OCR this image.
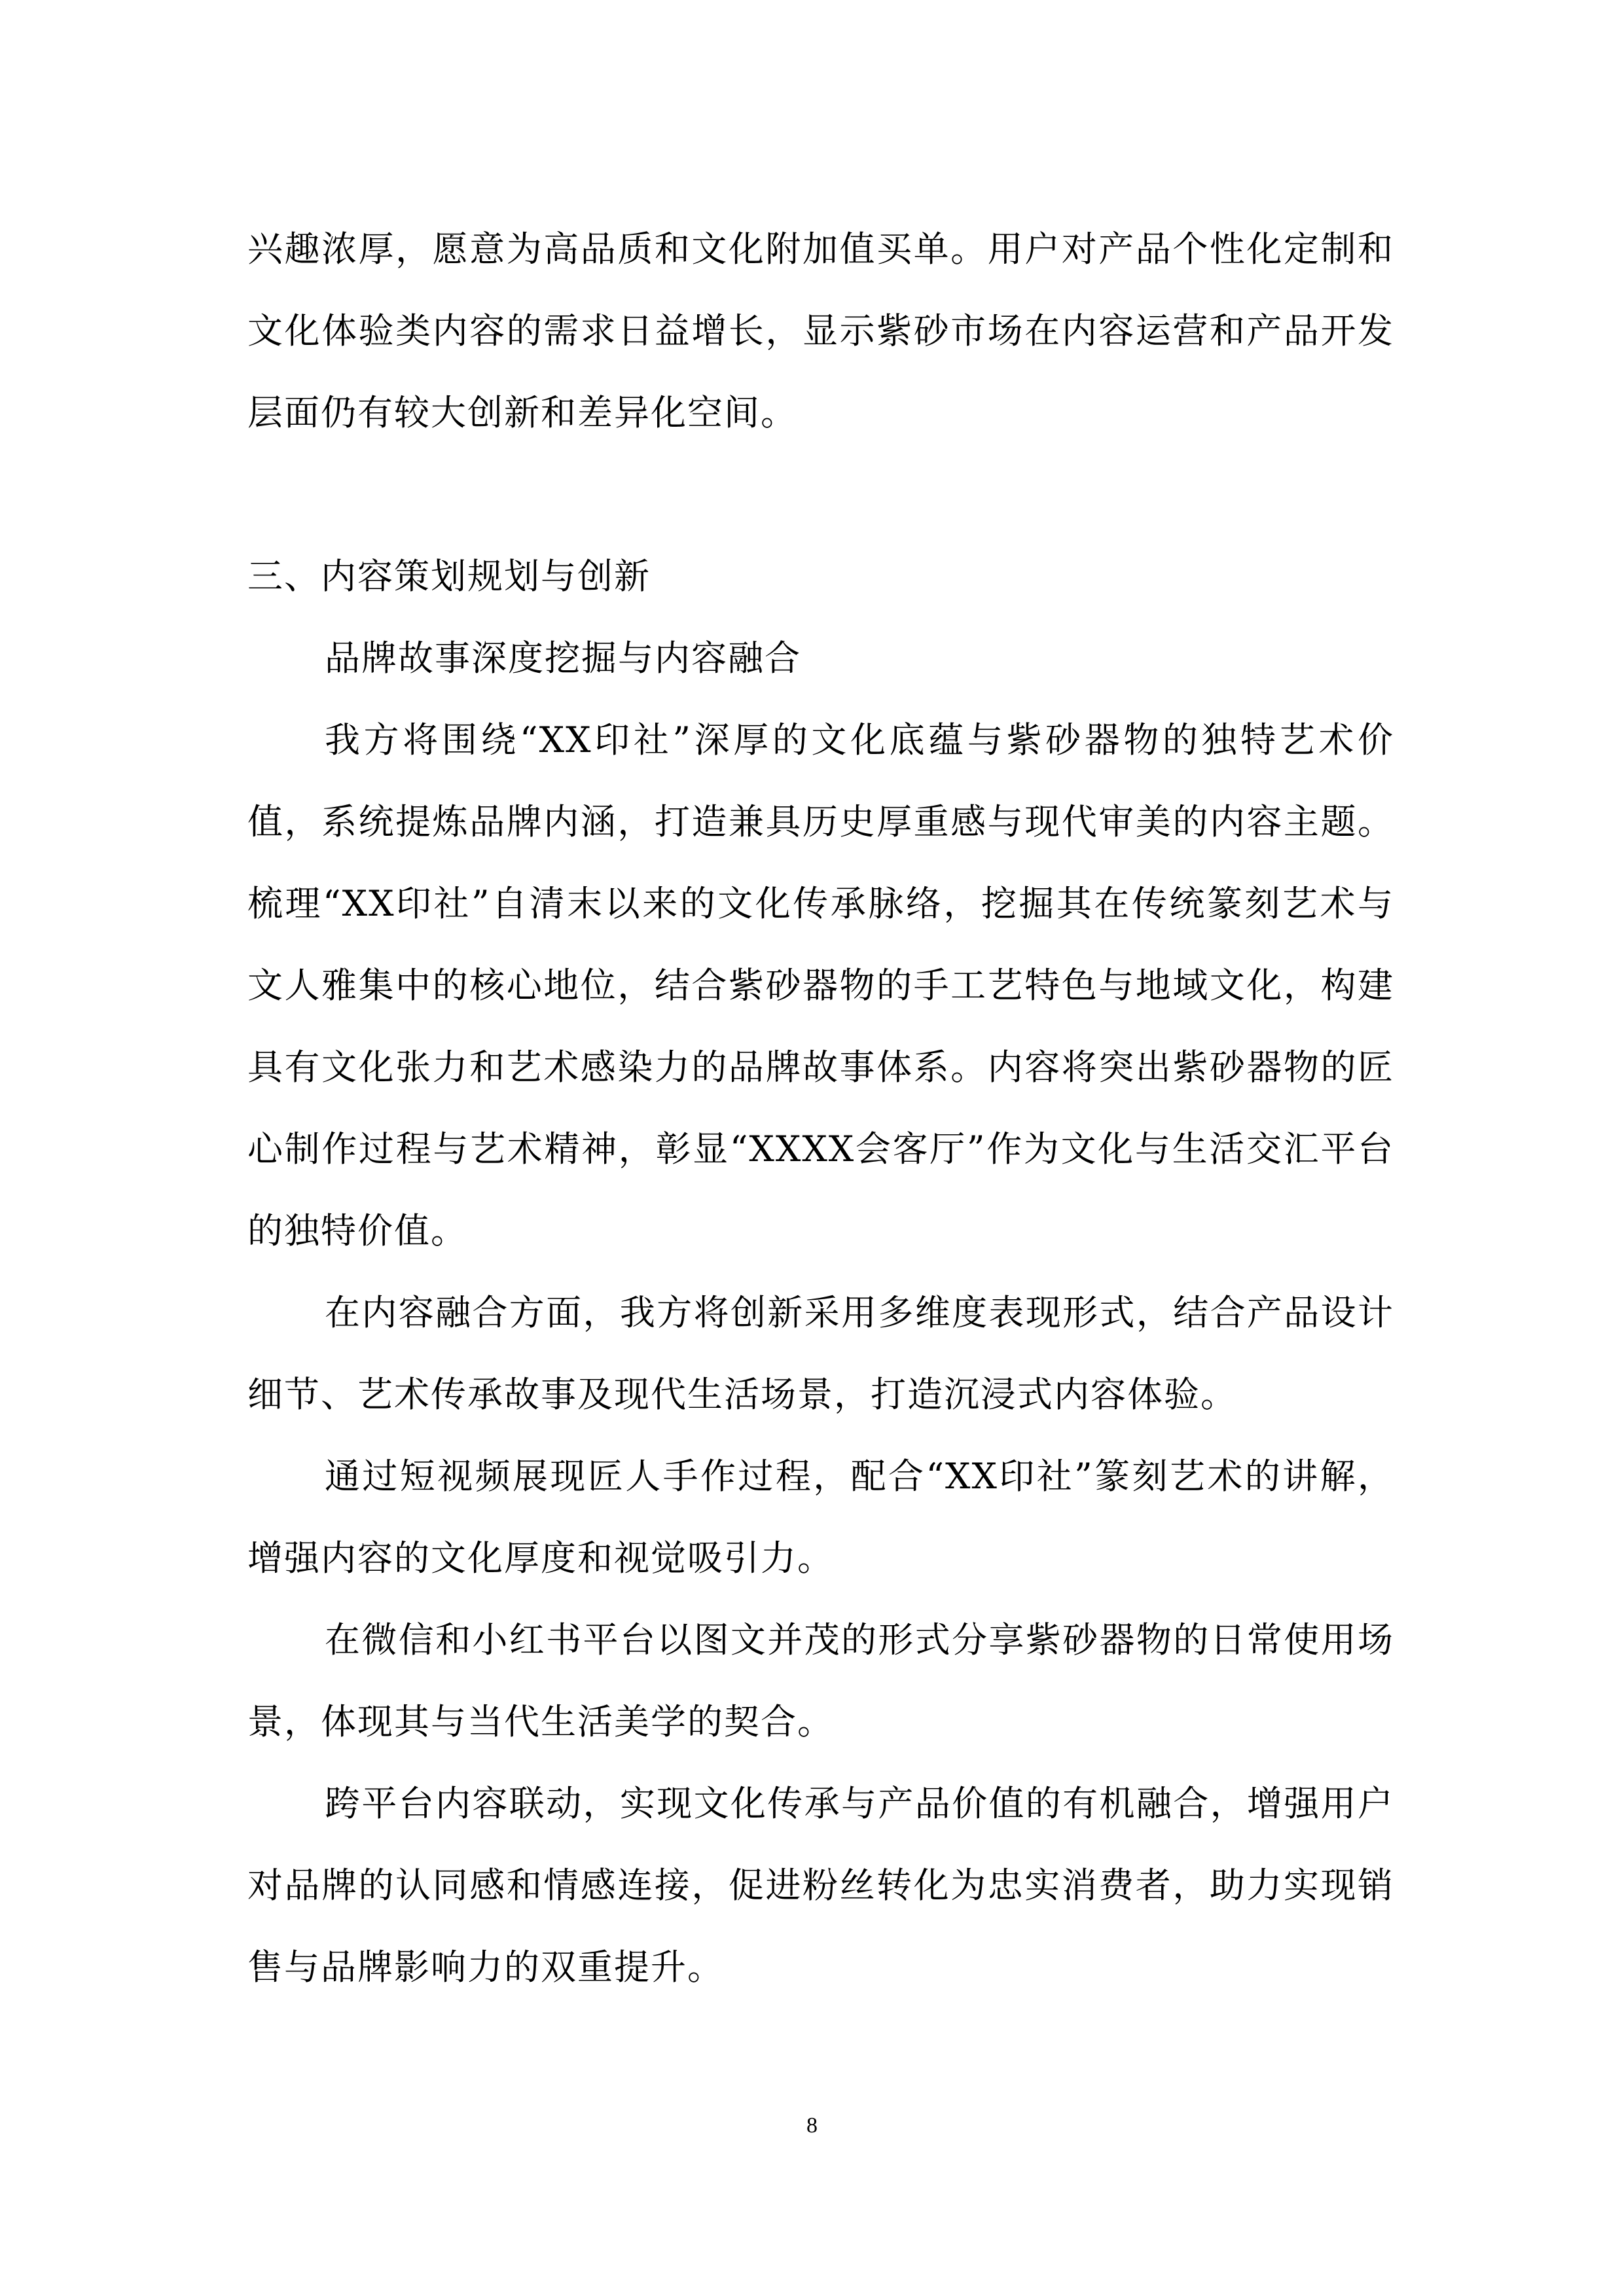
兴趣浓厚，愿意为高品质和文化附加值买单。用户对产品个性化定制和文化体验类内容的需求日益增长，显示紫砂市场在内容运营和产品开发层面仍有较大创新和差异化空间。

三、内容策划规划与创新

品牌故事深度挖掘与内容融合

我方将围绕“XX印社”深厚的文化底蕴与紫砂器物的独特艺术价值，系统提炼品牌内涵，打造兼具历史厚重感与现代审美的内容主题。梳理“XX印社”自清末以来的文化传承脉络，挖掘其在传统篆刻艺术与文人雅集中的核心地位，结合紫砂器物的手工艺特色与地域文化，构建具有文化张力和艺术感染力的品牌故事体系。内容将突出紫砂器物的匠心制作过程与艺术精神，彰显“XXXX会客厅”作为文化与生活交汇平台的独特价值。

在内容融合方面，我方将创新采用多维度表现形式，结合产品设计细节、艺术传承故事及现代生活场景，打造沉浸式内容体验。

通过短视频展现匠人手作过程，配合“XX印社”篆刻艺术的讲解，增强内容的文化厚度和视觉吸引力。

在微信和小红书平台以图文并茂的形式分享紫砂器物的日常使用场景，体现其与当代生活美学的契合。

跨平台内容联动，实现文化传承与产品价值的有机融合，增强用户对品牌的认同感和情感连接，促进粉丝转化为忠实消费者，助力实现销售与品牌影响力的双重提升。

8
